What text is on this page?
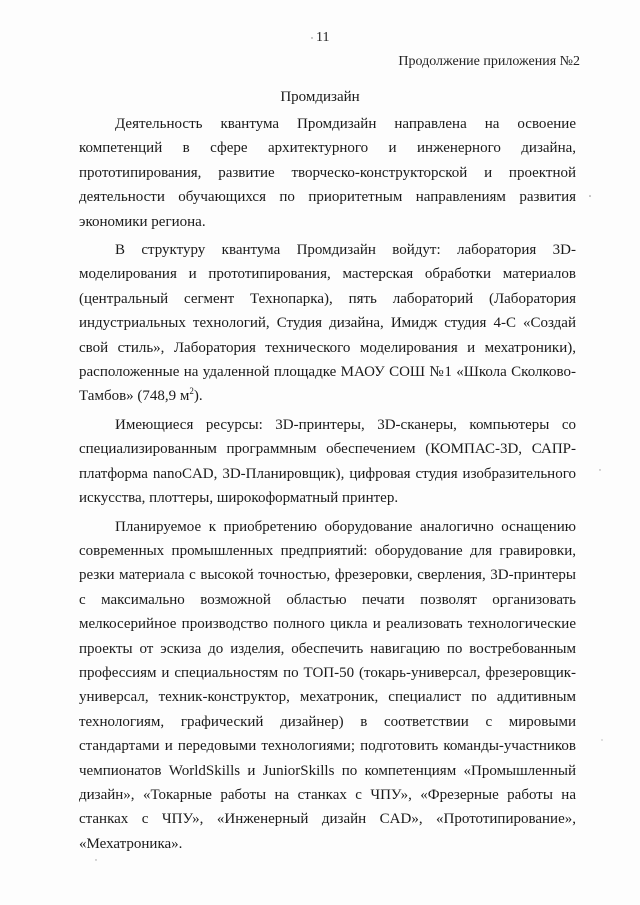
11
Продолжение приложения №2
Промдизайн

Деятельность квантума Промдизайн направлена на освоение компетенций в сфере архитектурного и инженерного дизайна, прототипирования, развитие творческо-конструкторской и проектной деятельности обучающихся по приоритетным направлениям развития экономики региона.

В структуру квантума Промдизайн войдут: лаборатория 3D-моделирования и прототипирования, мастерская обработки материалов (центральный сегмент Технопарка), пять лабораторий (Лаборатория индустриальных технологий, Студия дизайна, Имидж студия 4-С «Создай свой стиль», Лаборатория технического моделирования и мехатроники), расположенные на удаленной площадке МАОУ СОШ №1 «Школа Сколково-Тамбов» (748,9 $м^2$).

Имеющиеся ресурсы: 3D-принтеры, 3D-сканеры, компьютеры со специализированным программным обеспечением (КОМПАС-3D, САПР-платформа nanoCAD, 3D-Планировщик), цифровая студия изобразительного искусства, плоттеры, широкоформатный принтер.

Планируемое к приобретению оборудование аналогично оснащению современных промышленных предприятий: оборудование для гравировки, резки материала с высокой точностью, фрезеровки, сверления, 3D-принтеры с максимально возможной областью печати позволят организовать мелкосерийное производство полного цикла и реализовать технологические проекты от эскиза до изделия, обеспечить навигацию по востребованным профессиям и специальностям по ТОП-50 (токарь-универсал, фрезеровщик-универсал, техник-конструктор, мехатроник, специалист по аддитивным технологиям, графический дизайнер) в соответствии с мировыми стандартами и передовыми технологиями; подготовить команды-участников чемпионатов WorldSkills и JuniorSkills по компетенциям «Промышленный дизайн», «Токарные работы на станках с ЧПУ», «Фрезерные работы на станках с ЧПУ», «Инженерный дизайн CAD», «Прототипирование», «Мехатроника».
